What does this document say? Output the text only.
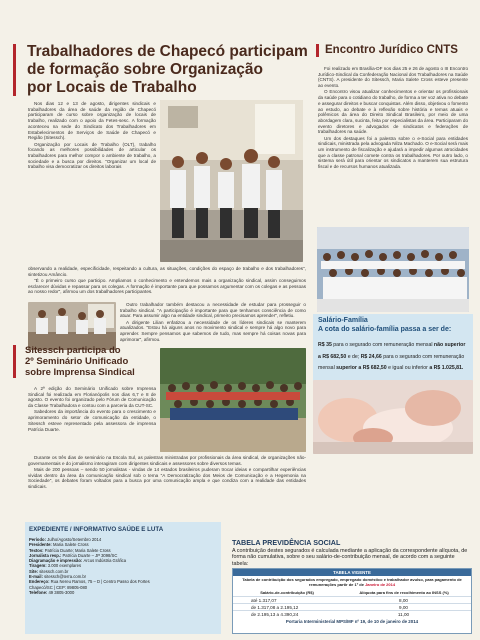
Trabalhadores de Chapecó participam
de formação sobre Organização
por Locais de Trabalho

Nos dias 12 e 13 de agosto, dirigentes sindicais e trabalhadores da área de saúde da região de Chapecó participaram de curso sobre organização de locais de trabalho, realizado com o apoio da Fetes-sesc. A formação aconteceu na sede do Sindicato dos Trabalhadores em Estabelecimentos de Serviços de Saúde de Chapecó e Região (Sitessch).

Organização por Locais de Trabalho (OLT), trabalho focando as melhores possibilidades de articular os trabalhadores para melhor compor o ambiente de trabalho, a sociedade e a busca por direitos. "Organizar um local de trabalho visa democratizar os direitos laborais

observando a realidade, especificidade, respeitando a cultura, as situações, condições do espaço de trabalho e dos trabalhadores", sintetizou Amâncio.

"É o primeiro curso que participo. Ampliamos o conhecimento e entendemos mais a organização sindical, assim conseguimos esclarecer dúvidas e repassar para os colegas. A formação é importante para que possamos argumentar com os colegas e as pessoas ao nosso redor", afirmou um dos trabalhadores participantes.

Outro trabalhador também destacou a necessidade de estudar para prosseguir o trabalho sindical. "A participação é importante para que tenhamos consciência de como atuar. Para assumir algo na entidade sindical, primeiro precisamos aprender", refletiu.

A dirigente Lilian enfatizou a necessidade de os líderes sindicais se manterem atualizados. "Estou há alguns anos no movimento sindical e sempre há algo novo para aprender. Sempre pensamos que sabemos de tudo, mas sempre há coisas novas para aprimorar", afirmou.

Encontro Jurídico CNTS

Foi realizado em Brasília-DF nos dias 25 e 26 de agosto o III Encontro Jurídico-Sindical da Confederação Nacional dos Trabalhadores na Saúde (CNTS). A presidente do Sitessch, Maria Salete Cross esteve presente ao evento.

O Encontro visou atualizar conhecimentos e orientar os profissionais da saúde para o cotidiano do trabalho, de forma a ter voz ativa no debate e assegurar direitos e buscar conquistas. Além disso, objetivou o fomento ao estudo, ao debate e à reflexão sobre história e temas atuais e polêmicos da área do Direito Sindical Brasileiro, por meio de uma abordagem clara, sucinta, feita por especialistas da área. Participaram do evento diretores e advogados de sindicatos e federações de trabalhadores na saúde.

Um dos destaques foi a palestra sobre o e-Social para entidades sindicais, ministrada pela advogada Nilza Machado. O e-Social será mais um instrumento de fiscalização e ajudará a impedir algumas atrocidades que a classe patronal comete contra os trabalhadores. Por outro lado, o sistema será útil para orientar os sindicatos a manterem sua estrutura fiscal e de recursos humanos atualizada.

Salário-Família
A cota do salário-família passa a ser de:
R$ 35 para o segurado com remuneração mensal não superior a R$ 682,50 e de; R$ 24,66 para o segurado com remuneração mensal superior a R$ 682,50 e igual ou inferior a R$ 1.025,81.
Sitessch participa do
2º Seminário Unificado
sobre Imprensa Sindical

A 2ª edição do Seminário Unificado sobre Imprensa Sindical foi realizada em Florianópolis nos dias 6,7 e 8 de agosto. O evento foi organizado pelo Fórum de Comunicação da Classe Trabalhadora e contou com a parceria da CUT-SC.

Sabedores da importância do evento para o crescimento e aprimoramento do setor de comunicação da entidade, o Sitessch esteve representado pela assessora de imprensa Patrícia Duarte.

Durante os três dias de seminário na Escola Sul, as palestras ministradas por profissionais da área sindical, de organizações não-governamentais e do jornalismo interagiram com dirigentes sindicais e assessores sobre diversos temas.

Mais de 200 pessoas – sendo 50 jornalistas - vindas de 14 estados brasileiros puderam trocar ideias e compartilhar experiências vividas dentro da área da comunicação sindical sob o tema "A Democratização dos Meios de Comunicação e a Hegemonia na Sociedade", os debates foram voltados para a busca por uma comunicação ampla e que condiza com a realidade das entidades sindicais.

EXPEDIENTE / INFORMATIVO SAÚDE E LUTA
Período: Julho/Agosto/Setembro 2014
Presidente: Maria Salete Cross
Textos: Patrícia Duarte; Maria Salete Cross
Jornalista resp.: Patrícia Duarte – JP 3098/SC
Diagramação e impressão: Arcus Indústria Gráfica
Tiragem: 3.000 exemplares
Site: sitessch.com.br
E-mail: sitessch@terra.com.br
Endereço: Rua Nereu Ramos, 75 – D | Centro Passo dos Fortes
Chapecó/SC | CEP: 89805-080
Telefone: 49 3805-3000
TABELA PREVIDÊNCIA SOCIAL
A contribuição destes segurados é calculada mediante a aplicação da correspondente alíquota, de forma não cumulativa, sobre o seu salário-de-contribuição mensal, de acordo com a seguinte tabela:
TABELA VIGENTE
Tabela de contribuição dos segurados empregado, empregado doméstico e trabalhador avulso, para pagamento de remunerações partir de 1º de Janeiro de 2014
Salário-de-contribuição (R$)	Alíquota para fins de recolhimento ao INSS (%)
até 1.317,07	8,00
de 1.317,08 a 2.195,12	9,00
de 2.195,13 a 4.390,24	11,00
Portaria Interministerial MPS/MF nº 19, de 10 de janeiro de 2014
